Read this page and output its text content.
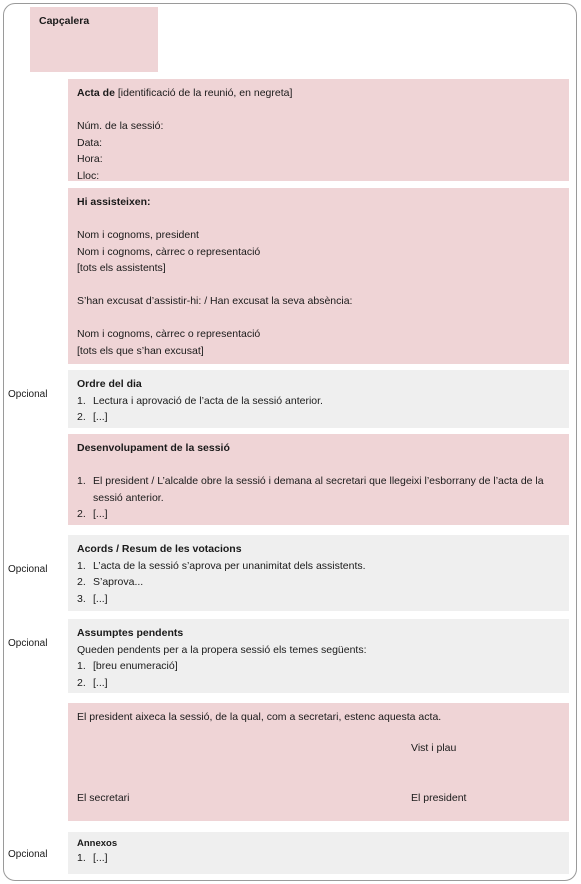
Capçalera
Acta de [identificació de la reunió, en negreta]
Núm. de la sessió:
Data:
Hora:
Lloc:
Hi assisteixen:
Nom i cognoms, president
Nom i cognoms, càrrec o representació
[tots els assistents]
S’han excusat d’assistir-hi: / Han excusat la seva absència:
Nom i cognoms, càrrec o representació
[tots els que s’han excusat]
Opcional
Ordre del dia
1. Lectura i aprovació de l’acta de la sessió anterior.
2. [...]
Desenvolupament de la sessió
1. El president / L’alcalde obre la sessió i demana al secretari que llegeixi l’esborrany de l’acta de la sessió anterior.
2. [...]
Opcional
Acords / Resum de les votacions
1. L’acta de la sessió s’aprova per unanimitat dels assistents.
2. S’aprova...
3. [...]
Opcional
Assumptes pendents
Queden pendents per a la propera sessió els temes següents:
1. [breu enumeració]
2. [...]
El president aixeca la sessió, de la qual, com a secretari, estenc aquesta acta.
Vist i plau
El secretari	El president
Opcional
Annexos
1. [...]
